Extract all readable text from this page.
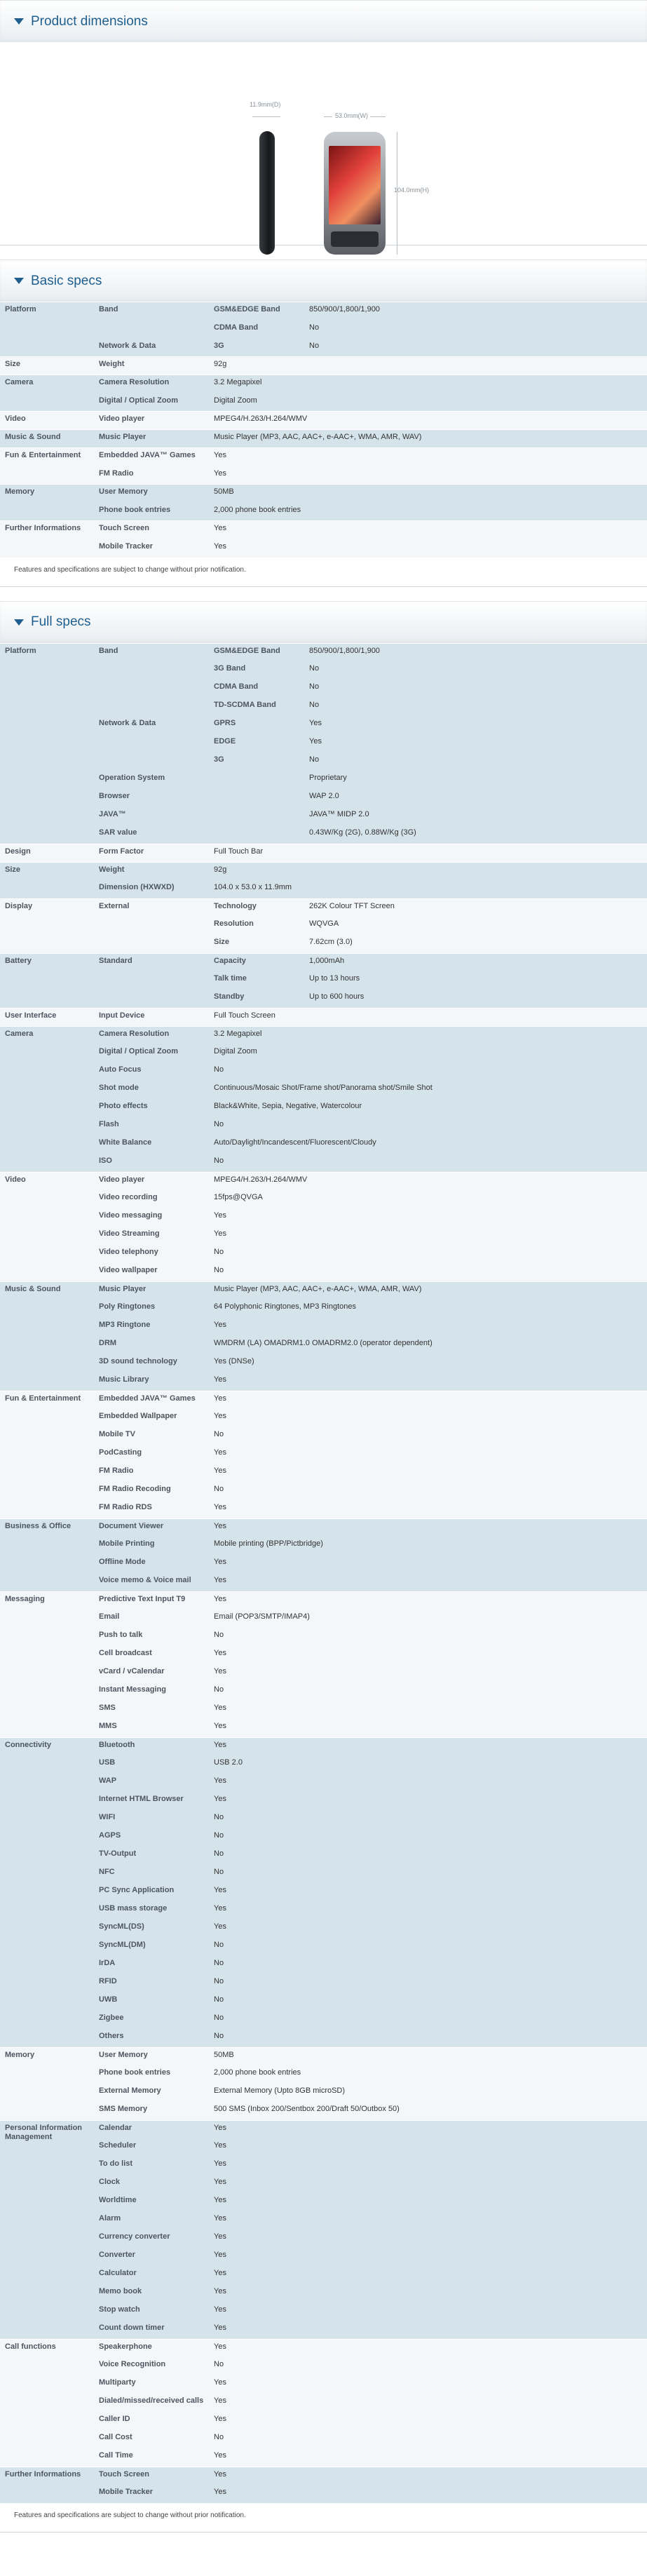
Product dimensions
11.9mm(D)
53.0mm(W)
104.0mm(H)
Basic specs
Platform	Band	GSM&EDGE Band	850/900/1,800/1,900
		CDMA Band	No
	Network & Data	3G	No
Size	Weight	92g	
Camera	Camera Resolution	3.2 Megapixel	
	Digital / Optical Zoom	Digital Zoom	
Video	Video player	MPEG4/H.263/H.264/WMV	
Music & Sound	Music Player	Music Player (MP3, AAC, AAC+, e-AAC+, WMA, AMR, WAV)	
Fun & Entertainment	Embedded JAVA™ Games	Yes	
	FM Radio	Yes	
Memory	User Memory	50MB	
	Phone book entries	2,000 phone book entries	
Further Informations	Touch Screen	Yes	
	Mobile Tracker	Yes	
Features and specifications are subject to change without prior notification.
Full specs
Platform	Band	GSM&EDGE Band	850/900/1,800/1,900
		3G Band	No
		CDMA Band	No
		TD-SCDMA Band	No
	Network & Data	GPRS	Yes
		EDGE	Yes
		3G	No
	Operation System		Proprietary
	Browser		WAP 2.0
	JAVA™		JAVA™ MIDP 2.0
	SAR value		0.43W/Kg (2G), 0.88W/Kg (3G)
Design	Form Factor	Full Touch Bar	
Size	Weight	92g	
	Dimension (HXWXD)	104.0 x 53.0 x 11.9mm	
Display	External	Technology	262K Colour TFT Screen
		Resolution	WQVGA
		Size	7.62cm (3.0)
Battery	Standard	Capacity	1,000mAh
		Talk time	Up to 13 hours
		Standby	Up to 600 hours
User Interface	Input Device	Full Touch Screen	
Camera	Camera Resolution	3.2 Megapixel	
	Digital / Optical Zoom	Digital Zoom	
	Auto Focus	No	
	Shot mode	Continuous/Mosaic Shot/Frame shot/Panorama shot/Smile Shot	
	Photo effects	Black&White, Sepia, Negative, Watercolour	
	Flash	No	
	White Balance	Auto/Daylight/Incandescent/Fluorescent/Cloudy	
	ISO	No	
Video	Video player	MPEG4/H.263/H.264/WMV	
	Video recording	15fps@QVGA	
	Video messaging	Yes	
	Video Streaming	Yes	
	Video telephony	No	
	Video wallpaper	No	
Music & Sound	Music Player	Music Player (MP3, AAC, AAC+, e-AAC+, WMA, AMR, WAV)	
	Poly Ringtones	64 Polyphonic Ringtones, MP3 Ringtones	
	MP3 Ringtone	Yes	
	DRM	WMDRM (LA) OMADRM1.0 OMADRM2.0 (operator dependent)	
	3D sound technology	Yes (DNSe)	
	Music Library	Yes	
Fun & Entertainment	Embedded JAVA™ Games	Yes	
	Embedded Wallpaper	Yes	
	Mobile TV	No	
	PodCasting	Yes	
	FM Radio	Yes	
	FM Radio Recoding	No	
	FM Radio RDS	Yes	
Business & Office	Document Viewer	Yes	
	Mobile Printing	Mobile printing (BPP/Pictbridge)	
	Offline Mode	Yes	
	Voice memo & Voice mail	Yes	
Messaging	Predictive Text Input T9	Yes	
	Email	Email (POP3/SMTP/IMAP4)	
	Push to talk	No	
	Cell broadcast	Yes	
	vCard / vCalendar	Yes	
	Instant Messaging	No	
	SMS	Yes	
	MMS	Yes	
Connectivity	Bluetooth	Yes	
	USB	USB 2.0	
	WAP	Yes	
	Internet HTML Browser	Yes	
	WIFI	No	
	AGPS	No	
	TV-Output	No	
	NFC	No	
	PC Sync Application	Yes	
	USB mass storage	Yes	
	SyncML(DS)	Yes	
	SyncML(DM)	No	
	IrDA	No	
	RFID	No	
	UWB	No	
	Zigbee	No	
	Others	No	
Memory	User Memory	50MB	
	Phone book entries	2,000 phone book entries	
	External Memory	External Memory (Upto 8GB microSD)	
	SMS Memory	500 SMS (Inbox 200/Sentbox 200/Draft 50/Outbox 50)	
Personal Information Management	Calendar	Yes	
	Scheduler	Yes	
	To do list	Yes	
	Clock	Yes	
	Worldtime	Yes	
	Alarm	Yes	
	Currency converter	Yes	
	Converter	Yes	
	Calculator	Yes	
	Memo book	Yes	
	Stop watch	Yes	
	Count down timer	Yes	
Call functions	Speakerphone	Yes	
	Voice Recognition	No	
	Multiparty	Yes	
	Dialed/missed/received calls	Yes	
	Caller ID	Yes	
	Call Cost	No	
	Call Time	Yes	
Further Informations	Touch Screen	Yes	
	Mobile Tracker	Yes	
Features and specifications are subject to change without prior notification.
